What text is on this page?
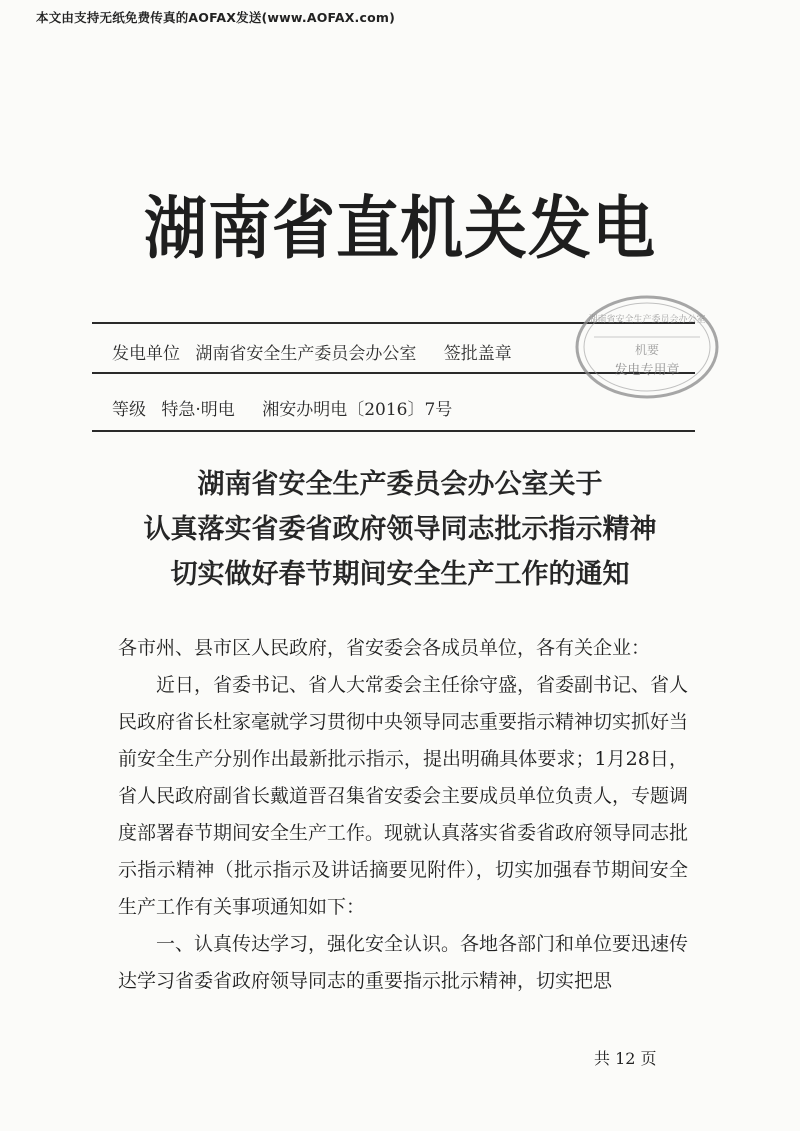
本文由支持无纸免费传真的AOFAX发送(www.AOFAX.com)
湖南省直机关发电
发电单位 湖南省安全生产委员会办公室 签批盖章
等级 特急·明电 湘安办明电〔2016〕7号
湖南省安全生产委员会办公室
机要
发电专用章
湖南省安全生产委员会办公室关于
认真落实省委省政府领导同志批示指示精神
切实做好春节期间安全生产工作的通知

各市州、县市区人民政府，省安委会各成员单位，各有关企业：

近日，省委书记、省人大常委会主任徐守盛，省委副书记、省人民政府省长杜家毫就学习贯彻中央领导同志重要指示精神切实抓好当前安全生产分别作出最新批示指示，提出明确具体要求；1月28日，省人民政府副省长戴道晋召集省安委会主要成员单位负责人，专题调度部署春节期间安全生产工作。现就认真落实省委省政府领导同志批示指示精神（批示指示及讲话摘要见附件），切实加强春节期间安全生产工作有关事项通知如下：

一、认真传达学习，强化安全认识。各地各部门和单位要迅速传达学习省委省政府领导同志的重要指示批示精神，切实把思

共 12 页
